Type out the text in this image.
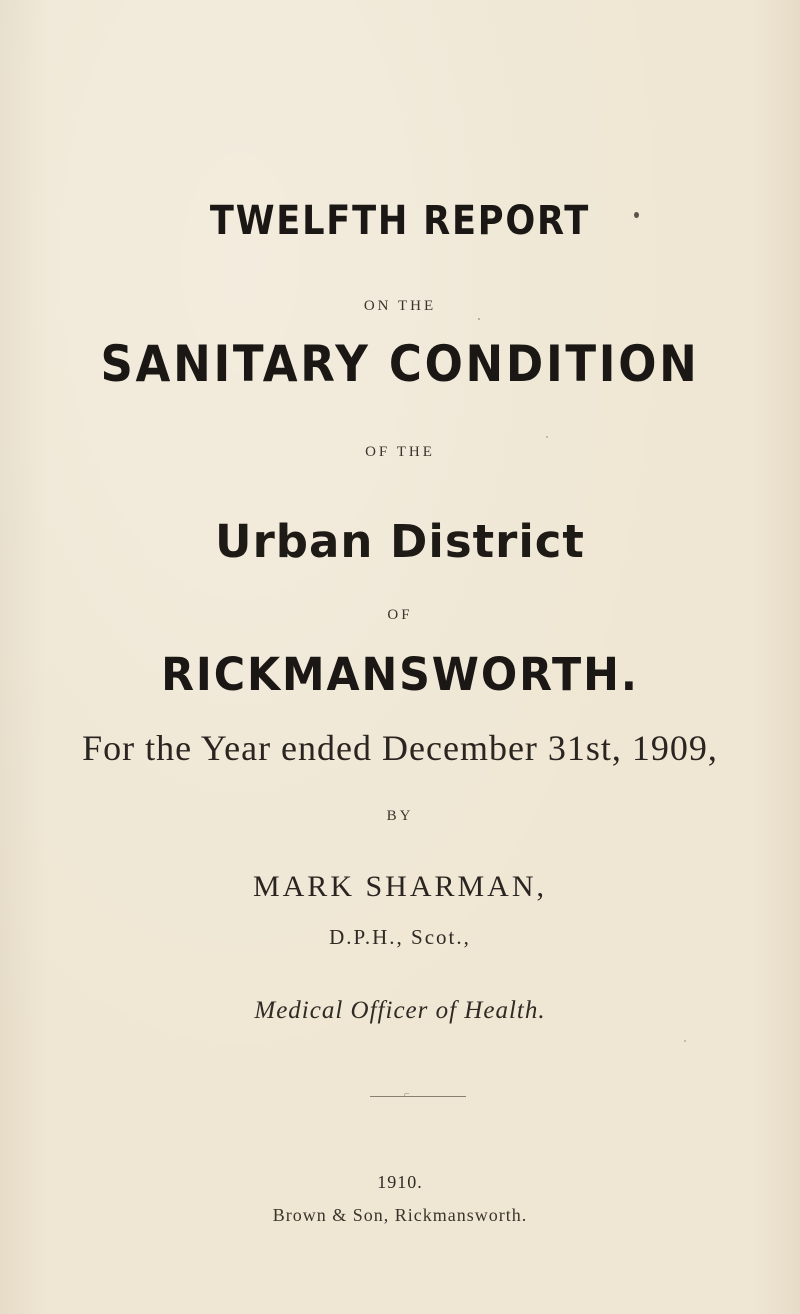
TWELFTH REPORT
ON THE
SANITARY CONDITION
OF THE
Urban District
OF
RICKMANSWORTH.
For the Year ended December 31st, 1909,
BY
MARK SHARMAN,
D.P.H., Scot.,
Medical Officer of Health.
⌐
1910.
Brown & Son, Rickmansworth.
